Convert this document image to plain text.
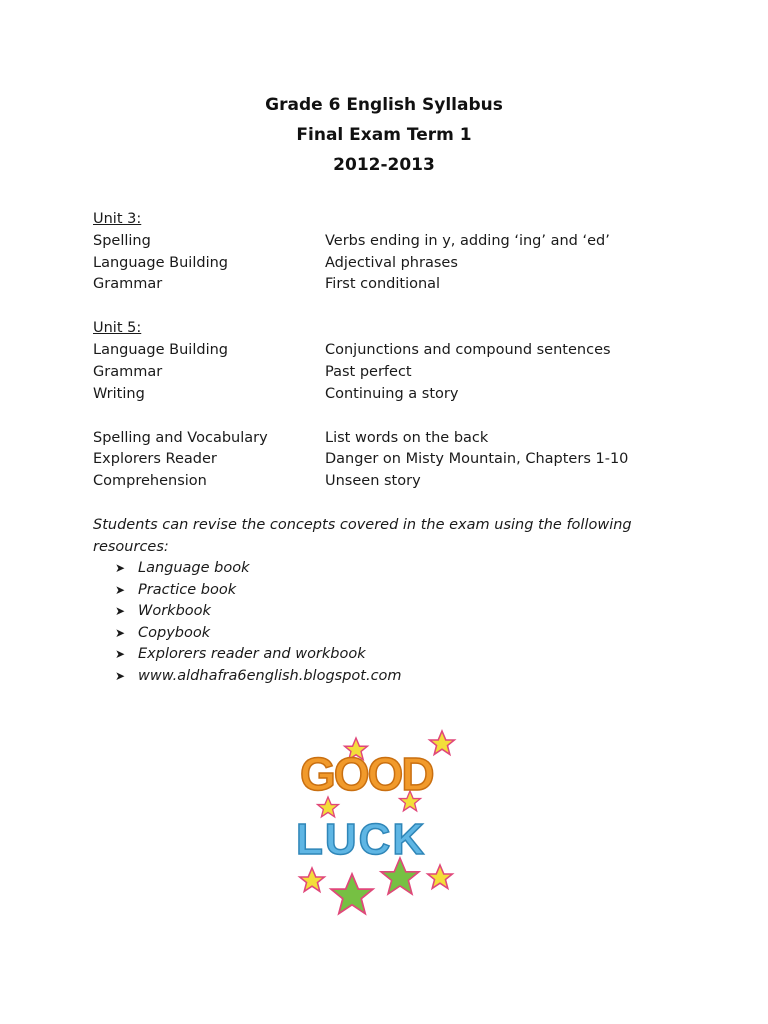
Grade 6 English Syllabus
Final Exam Term 1
2012-2013
Unit 3:
Spelling	Verbs ending in y, adding ‘ing’ and ‘ed’
Language Building	Adjectival phrases
Grammar	First conditional
Unit 5:
Language Building	Conjunctions and compound sentences
Grammar	Past perfect
Writing	Continuing a story
Spelling and Vocabulary	List words on the back
Explorers Reader	Danger on Misty Mountain, Chapters 1-10
Comprehension	Unseen story
Students can revise the concepts covered in the exam using the following resources:
➤ Language book
➤ Practice book
➤ Workbook
➤ Copybook
➤ Explorers reader and workbook
➤ www.aldhafra6english.blogspot.com
GOOD
LUCK
